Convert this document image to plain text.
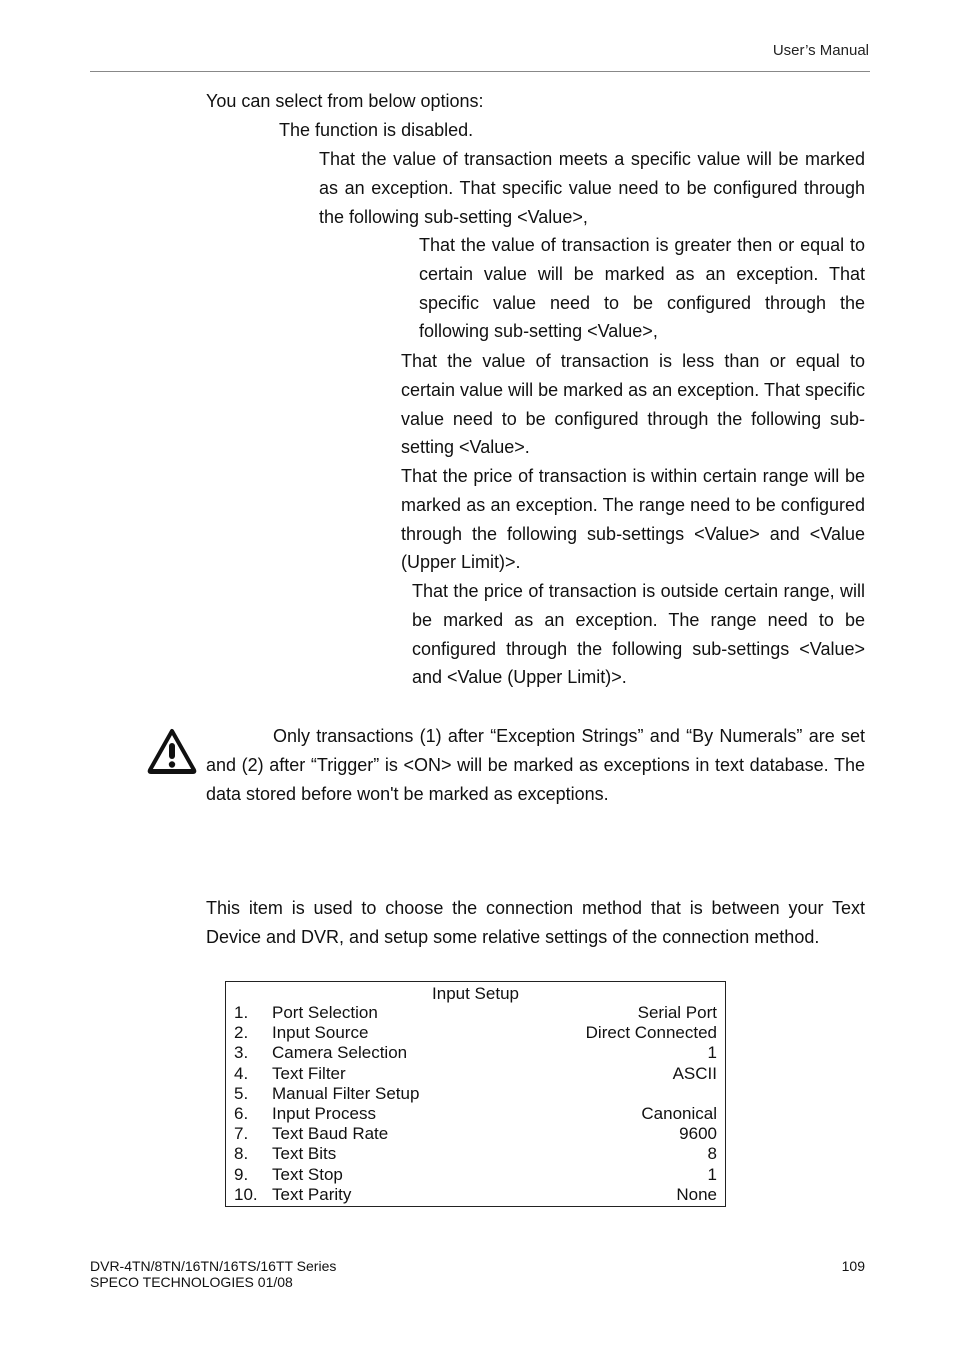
User’s Manual
You can select from below options:
The function is disabled.
That the value of transaction meets a specific value will be marked as an exception. That specific value need to be configured through the following sub-setting <Value>,
That the value of transaction is greater then or equal to certain value will be marked as an exception. That specific value need to be configured through the following sub-setting <Value>,
That the value of transaction is less than or equal to certain value will be marked as an exception. That specific value need to be configured through the following sub-setting <Value>.
That the price of transaction is within certain range will be marked as an exception. The range need to be configured through the following sub-settings <Value> and <Value (Upper Limit)>.
That the price of transaction is outside certain range, will be marked as an exception. The range need to be configured through the following sub-settings <Value> and <Value (Upper Limit)>.
Only transactions (1) after “Exception Strings” and “By Numerals” are set and (2) after “Trigger” is <ON> will be marked as exceptions in text database. The data stored before won't be marked as exceptions.
This item is used to choose the connection method that is between your Text Device and DVR, and setup some relative settings of the connection method.
Input Setup
1. Port Selection	Serial Port
2. Input Source	Direct Connected
3. Camera Selection	1
4. Text Filter	ASCII
5. Manual Filter Setup
6. Input Process	Canonical
7. Text Baud Rate	9600
8. Text Bits	8
9. Text Stop	1
10. Text Parity	None
DVR-4TN/8TN/16TN/16TS/16TT Series
SPECO TECHNOLOGIES 01/08
109
